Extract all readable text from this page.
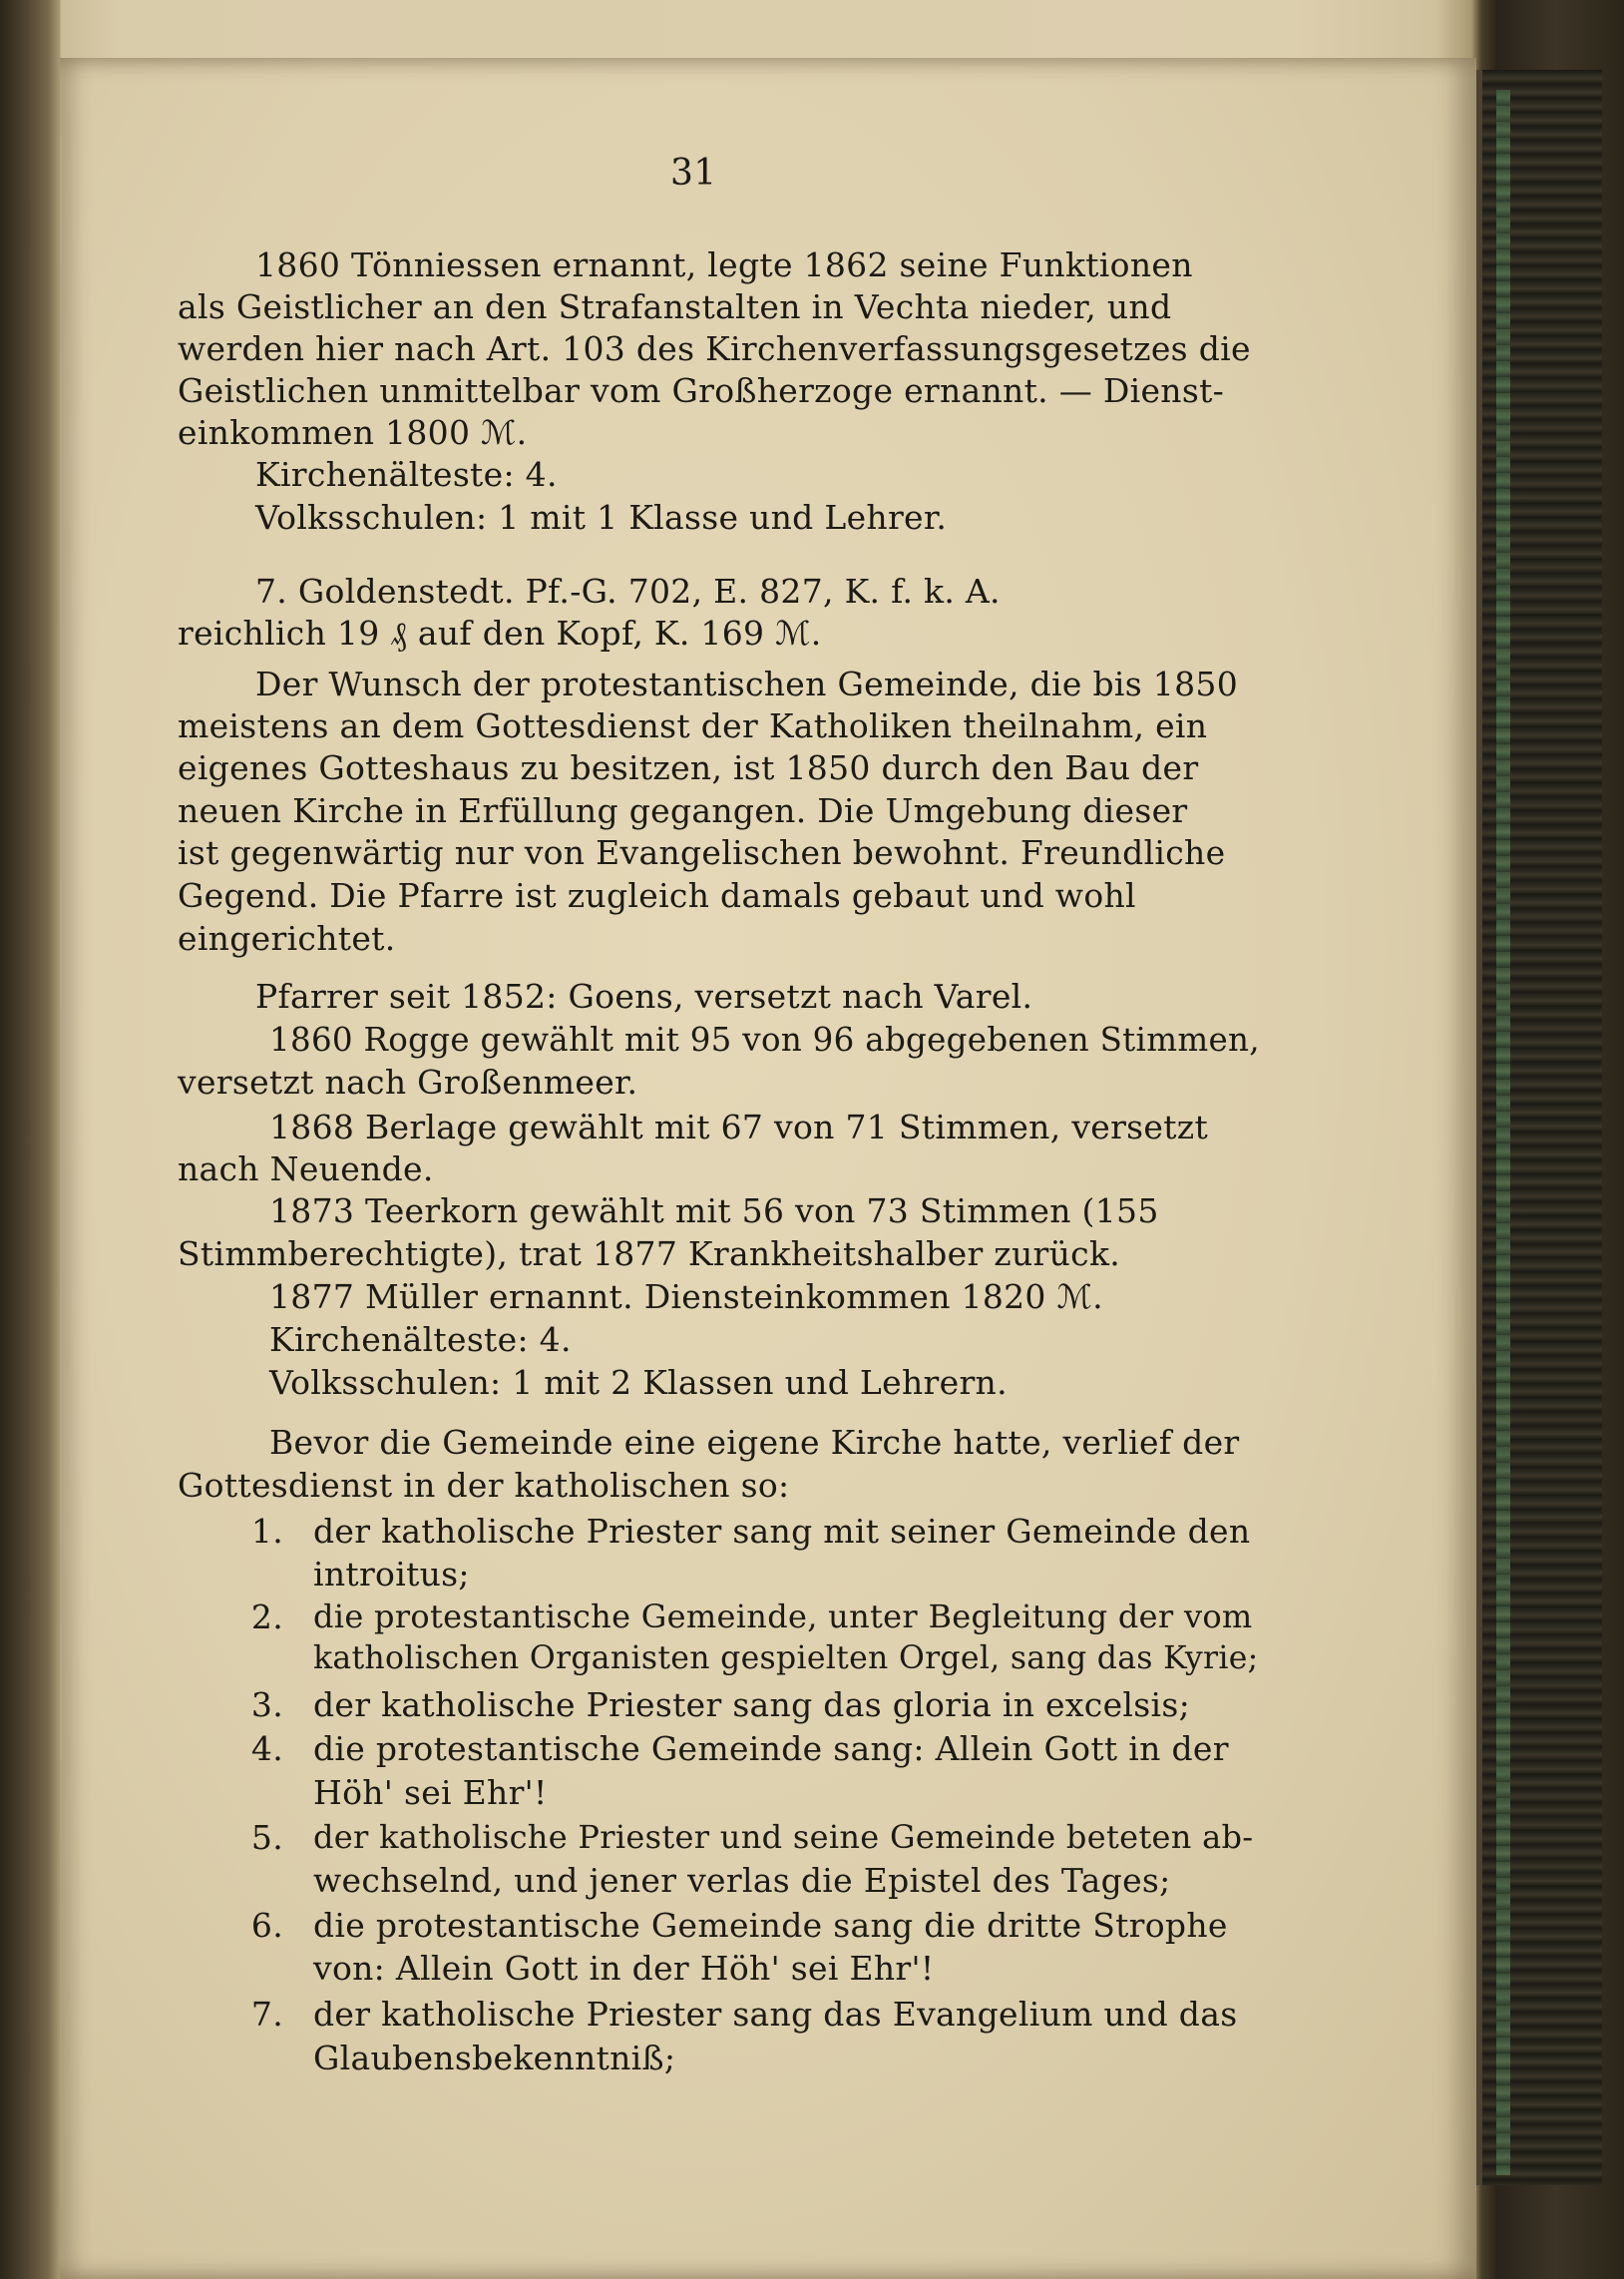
31
1860 Tönniessen ernannt, legte 1862 seine Funktionen
als Geistlicher an den Strafanstalten in Vechta nieder, und
werden hier nach Art. 103 des Kirchenverfassungsgesetzes die
Geistlichen unmittelbar vom Großherzoge ernannt. — Dienst-
einkommen 1800 ℳ.
Kirchenälteste: 4.
Volksschulen: 1 mit 1 Klasse und Lehrer.
7. Goldenstedt. Pf.-G. 702, E. 827, K. f. k. A.
reichlich 19 ₰ auf den Kopf, K. 169 ℳ.
Der Wunsch der protestantischen Gemeinde, die bis 1850
meistens an dem Gottesdienst der Katholiken theilnahm, ein
eigenes Gotteshaus zu besitzen, ist 1850 durch den Bau der
neuen Kirche in Erfüllung gegangen. Die Umgebung dieser
ist gegenwärtig nur von Evangelischen bewohnt. Freundliche
Gegend. Die Pfarre ist zugleich damals gebaut und wohl
eingerichtet.
Pfarrer seit 1852: Goens, versetzt nach Varel.
1860 Rogge gewählt mit 95 von 96 abgegebenen Stimmen,
versetzt nach Großenmeer.
1868 Berlage gewählt mit 67 von 71 Stimmen, versetzt
nach Neuende.
1873 Teerkorn gewählt mit 56 von 73 Stimmen (155
Stimmberechtigte), trat 1877 Krankheitshalber zurück.
1877 Müller ernannt. Diensteinkommen 1820 ℳ.
Kirchenälteste: 4.
Volksschulen: 1 mit 2 Klassen und Lehrern.
Bevor die Gemeinde eine eigene Kirche hatte, verlief der
Gottesdienst in der katholischen so:
1. der katholische Priester sang mit seiner Gemeinde den
introitus;
2. die protestantische Gemeinde, unter Begleitung der vom
katholischen Organisten gespielten Orgel, sang das Kyrie;
3. der katholische Priester sang das gloria in excelsis;
4. die protestantische Gemeinde sang: Allein Gott in der
Höh' sei Ehr'!
5. der katholische Priester und seine Gemeinde beteten ab-
wechselnd, und jener verlas die Epistel des Tages;
6. die protestantische Gemeinde sang die dritte Strophe
von: Allein Gott in der Höh' sei Ehr'!
7. der katholische Priester sang das Evangelium und das
Glaubensbekenntniß;
